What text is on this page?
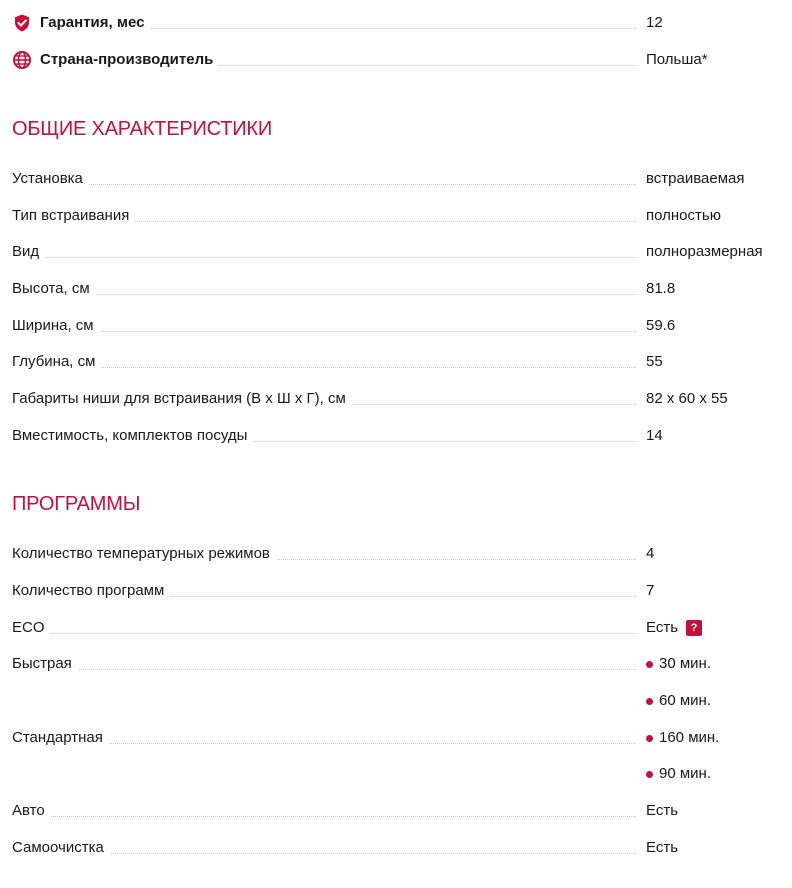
Гарантия, мес	12
Страна-производитель	Польша*
ОБЩИЕ ХАРАКТЕРИСТИКИ
Установка	встраиваемая
Тип встраивания	полностью
Вид	полноразмерная
Высота, см	81.8
Ширина, см	59.6
Глубина, см	55
Габариты ниши для встраивания (В х Ш х Г), см	82 х 60 х 55
Вместимость, комплектов посуды	14
ПРОГРАММЫ
Количество температурных режимов	4
Количество программ	7
ECO	Есть	?
Быстрая	30 мин.
60 мин.
Стандартная	160 мин.
90 мин.
Авто	Есть
Самоочистка	Есть
